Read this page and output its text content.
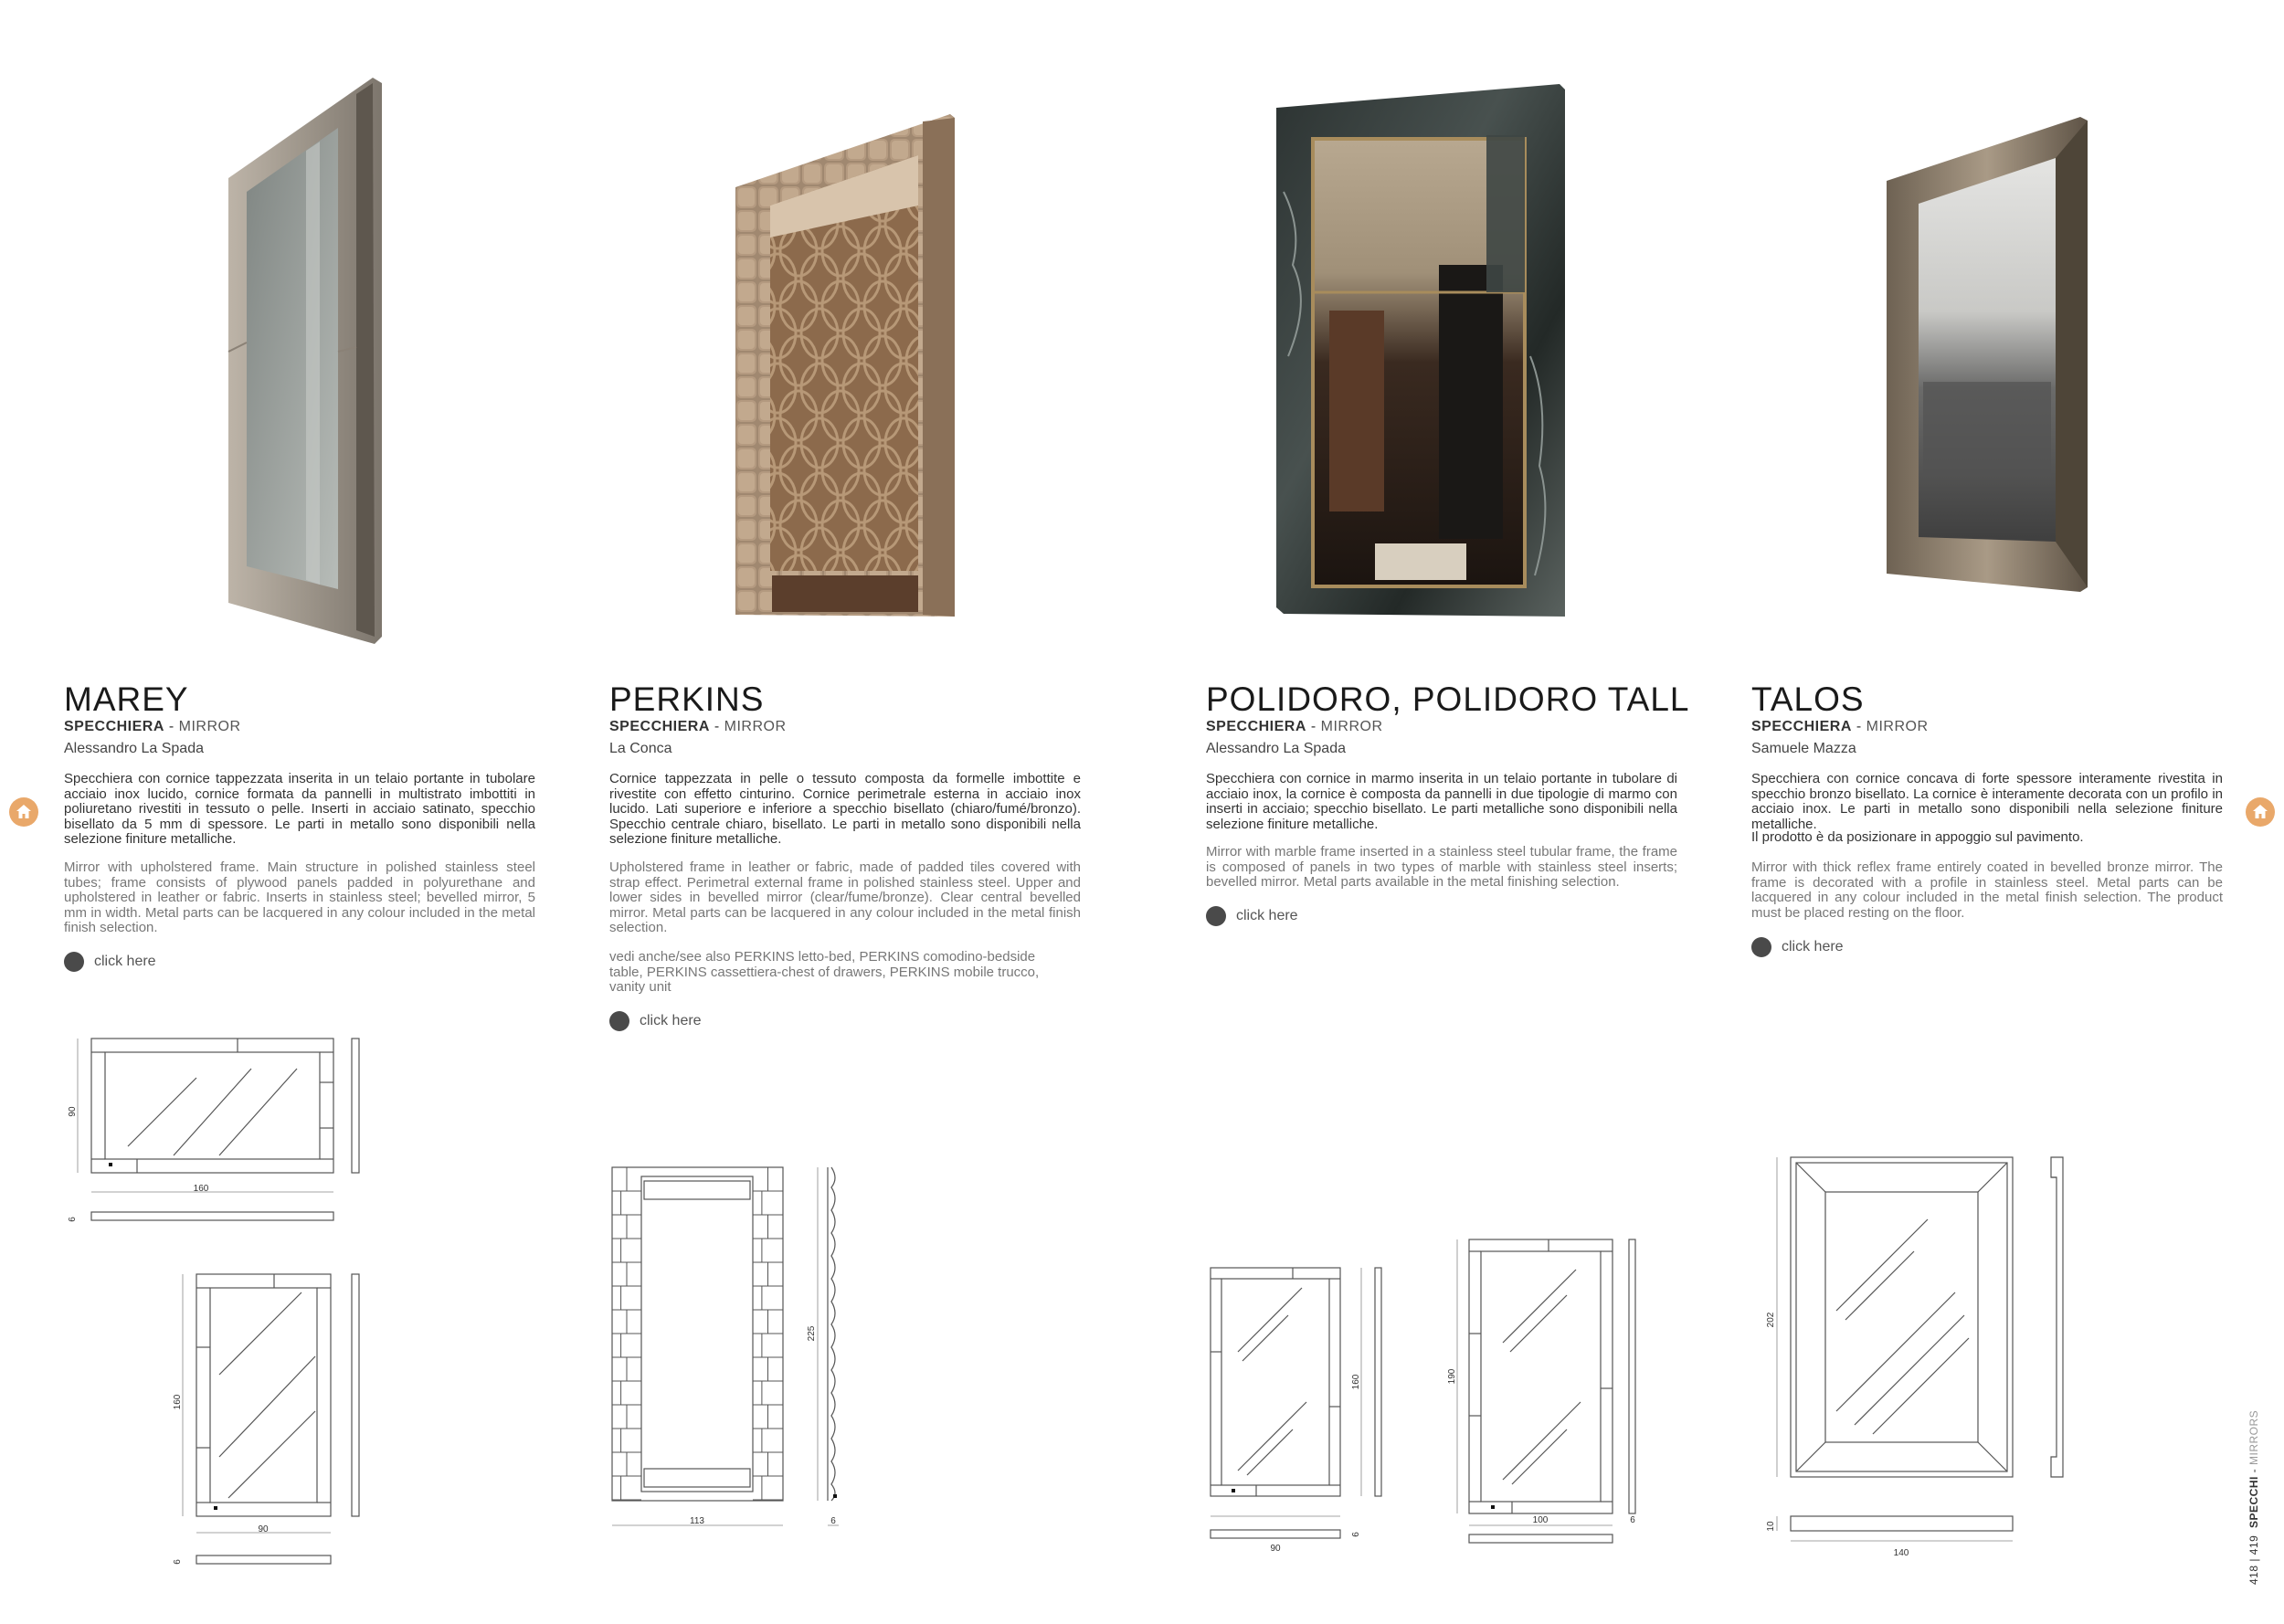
MAREY
SPECCHIERA - MIRROR
Alessandro La Spada
Specchiera con cornice tappezzata inserita in un telaio portante in tubolare acciaio inox lucido, cornice formata da pannelli in multistrato imbottiti in poliuretano rivestiti in tessuto o pelle. Inserti in acciaio satinato, specchio bisellato da 5 mm di spessore. Le parti in metallo sono disponibili nella selezione finiture metalliche.
Mirror with upholstered frame. Main structure in polished stainless steel tubes; frame consists of plywood panels padded in polyurethane and upholstered in leather or fabric. Inserts in stainless steel; bevelled mirror, 5 mm in width. Metal parts can be lacquered in any colour included in the metal finish selection.
click here
PERKINS
SPECCHIERA - MIRROR
La Conca
Cornice tappezzata in pelle o tessuto composta da formelle imbottite e rivestite con effetto cinturino. Cornice perimetrale esterna in acciaio inox lucido. Lati superiore e inferiore a specchio bisellato (chiaro/fumé/bronzo). Specchio centrale chiaro, bisellato. Le parti in metallo sono disponibili nella selezione finiture metalliche.
Upholstered frame in leather or fabric, made of padded tiles covered with strap effect. Perimetral external frame in polished stainless steel. Upper and lower sides in bevelled mirror (clear/fume/bronze). Clear central bevelled mirror. Metal parts can be lacquered in any colour included in the metal finish selection.
vedi anche/see also PERKINS letto-bed, PERKINS comodino-bedside table, PERKINS cassettiera-chest of drawers, PERKINS mobile trucco, vanity unit
click here
POLIDORO, POLIDORO TALL
SPECCHIERA - MIRROR
Alessandro La Spada
Specchiera con cornice in marmo inserita in un telaio portante in tubolare di acciaio inox, la cornice è composta da pannelli in due tipologie di marmo con inserti in acciaio; specchio bisellato. Le parti metalliche sono disponibili nella selezione finiture metalliche.
Mirror with marble frame inserted in a stainless steel tubular frame, the frame is composed of panels in two types of marble with stainless steel inserts; bevelled mirror. Metal parts available in the metal finishing selection.
click here
TALOS
SPECCHIERA - MIRROR
Samuele Mazza
Specchiera con cornice concava di forte spessore interamente rivestita in specchio bronzo bisellato. La cornice è interamente decorata con un profilo in acciaio inox. Le parti in metallo sono disponibili nella selezione finiture metalliche.
Il prodotto è da posizionare in appoggio sul pavimento.
Mirror with thick reflex frame entirely coated in bevelled bronze mirror. The frame is decorated with a profile in stainless steel. Metal parts can be lacquered in any colour included in the metal finish selection. The product must be placed resting on the floor.
click here
160
90
6
90
160
6
113
225
6
90
160
6
100
190
6
140
202
10
418 | 419  SPECCHI - MIRRORS
